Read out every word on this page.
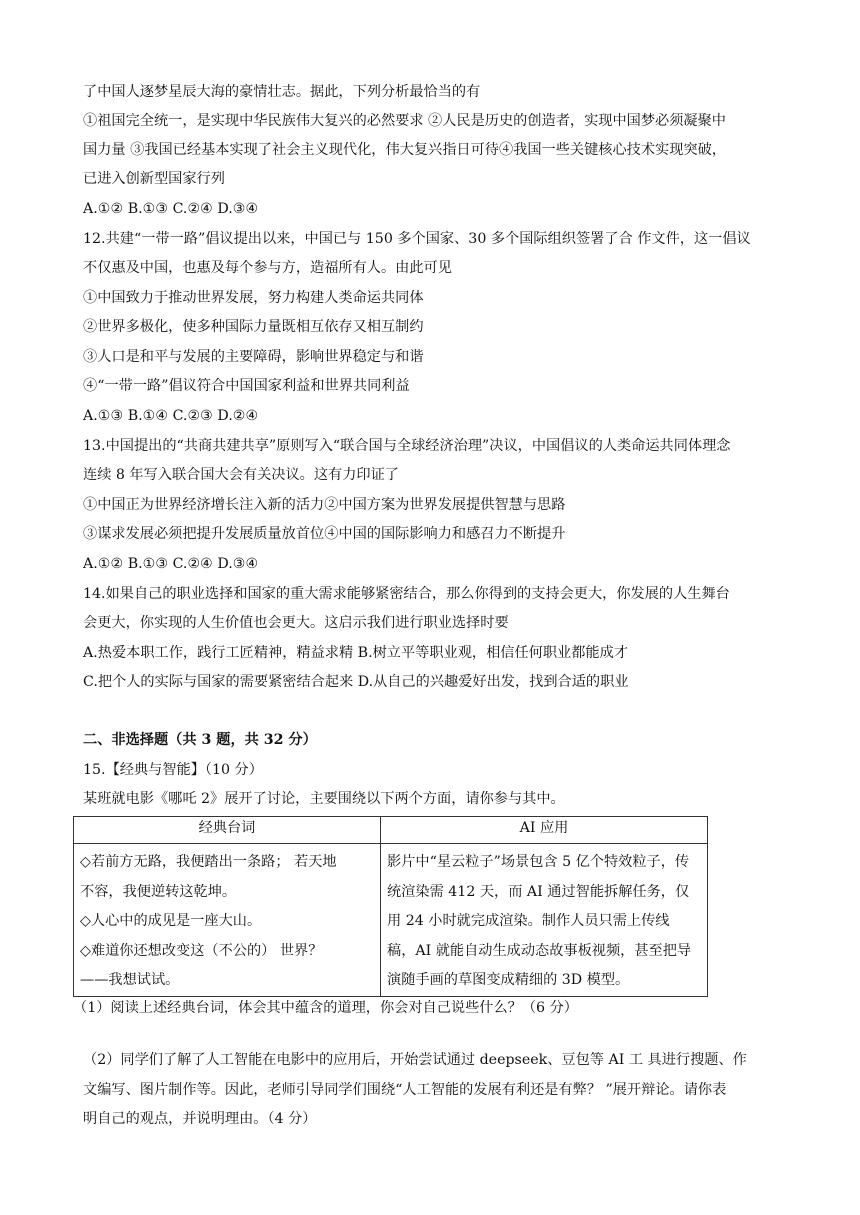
了中国人逐梦星辰大海的豪情壮志。据此，下列分析最恰当的有
①祖国完全统一，是实现中华民族伟大复兴的必然要求 ②人民是历史的创造者，实现中国梦必须凝聚中
国力量 ③我国已经基本实现了社会主义现代化，伟大复兴指日可待④我国一些关键核心技术实现突破，
已进入创新型国家行列
A.①② B.①③ C.②④ D.③④
12.共建“一带一路”倡议提出以来，中国已与 150 多个国家、30 多个国际组织签署了合 作文件，这一倡议
不仅惠及中国，也惠及每个参与方，造福所有人。由此可见
①中国致力于推动世界发展，努力构建人类命运共同体
②世界多极化，使多种国际力量既相互依存又相互制约
③人口是和平与发展的主要障碍，影响世界稳定与和谐
④“一带一路”倡议符合中国国家利益和世界共同利益
A.①③ B.①④ C.②③ D.②④
13.中国提出的“共商共建共享”原则写入“联合国与全球经济治理”决议，中国倡议的人类命运共同体理念
连续 8 年写入联合国大会有关决议。这有力印证了
①中国正为世界经济增长注入新的活力②中国方案为世界发展提供智慧与思路
③谋求发展必须把提升发展质量放首位④中国的国际影响力和感召力不断提升
A.①② B.①③ C.②④ D.③④
14.如果自己的职业选择和国家的重大需求能够紧密结合，那么你得到的支持会更大，你发展的人生舞台
会更大，你实现的人生价值也会更大。这启示我们进行职业选择时要
A.热爱本职工作，践行工匠精神，精益求精 B.树立平等职业观，相信任何职业都能成才
C.把个人的实际与国家的需要紧密结合起来 D.从自己的兴趣爱好出发，找到合适的职业
二、非选择题（共 3 题，共 32 分）
15.【经典与智能】（10 分）
某班就电影《哪吒 2》展开了讨论，主要围绕以下两个方面，请你参与其中。
经典台词	AI 应用

◇若前方无路，我便踏出一条路； 若天地
不容，我便逆转这乾坤。
◇人心中的成见是一座大山。
◇难道你还想改变这（不公的） 世界？
——我想试试。	影片中“星云粒子”场景包含 5 亿个特效粒子，传
统渲染需 412 天，而 AI 通过智能拆解任务，仅
用 24 小时就完成渲染。制作人员只需上传线
稿，AI 就能自动生成动态故事板视频，甚至把导
演随手画的草图变成精细的 3D 模型。
（1）阅读上述经典台词，体会其中蕴含的道理，你会对自己说些什么？（6 分）
（2）同学们了解了人工智能在电影中的应用后，开始尝试通过 deepseek、豆包等 AI 工 具进行搜题、作
文编写、图片制作等。因此，老师引导同学们围绕“人工智能的发展有利还是有弊？ ”展开辩论。请你表
明自己的观点，并说明理由。（4 分）
